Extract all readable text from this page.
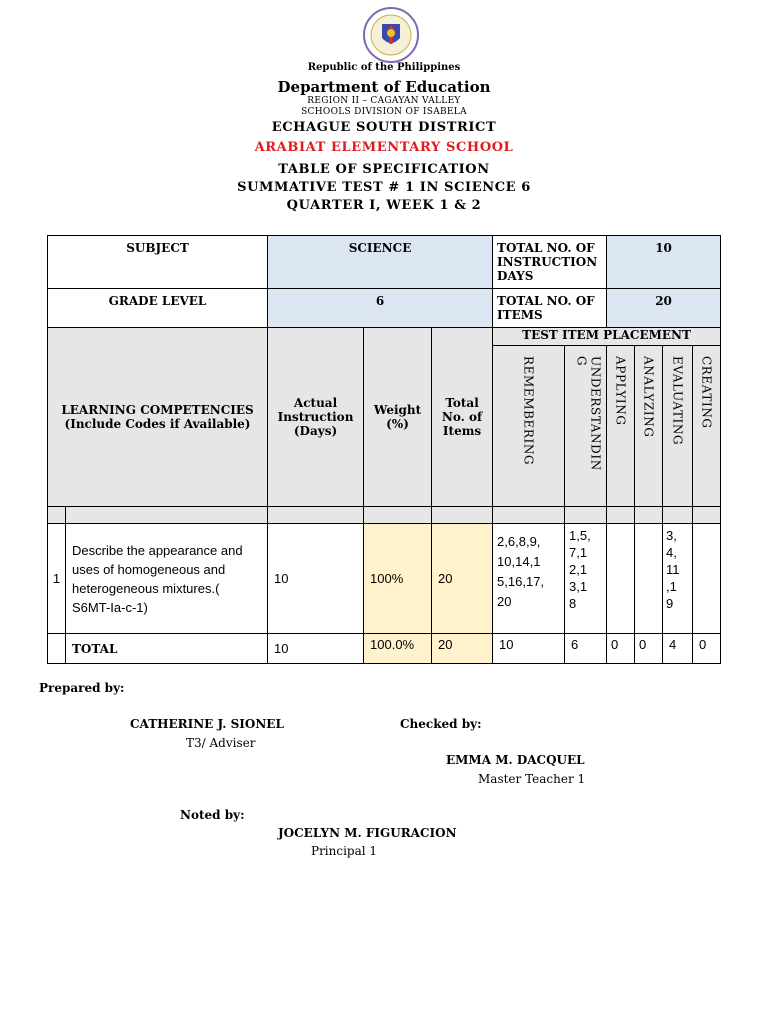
Republic of the Philippines
Department of Education
REGION II – CAGAYAN VALLEY
SCHOOLS DIVISION OF ISABELA
ECHAGUE SOUTH DISTRICT
ARABIAT ELEMENTARY SCHOOL
TABLE OF SPECIFICATION
SUMMATIVE TEST # 1 IN SCIENCE 6
QUARTER I, WEEK 1 & 2
SUBJECT		SCIENCE			TOTAL NO. OF INSTRUCTION DAYS		10			
GRADE LEVEL		6			TOTAL NO. OF ITEMS		20			
LEARNING COMPETENCIES (Include Codes if Available)		Actual Instruction (Days)	Weight (%)	Total No. of Items	TEST ITEM PLACEMENT					

					REMEMBERING	UNDERSTANDIN G	APPLYING	ANALYZING	EVALUATING	CREATING

1	Describe the appearance and uses of homogeneous and heterogeneous mixtures.( S6MT-Ia-c-1)	10	100%	20	2,6,8,9, 10,14,1 5,16,17, 20	1,5, 7,1 2,1 3,1 8			3, 4, 11 ,1 9	
	TOTAL	10	100.0%	20	10	6	0	0	4	0
Prepared by:
CATHERINE J. SIONEL
T3/ Adviser
Checked by:
EMMA M. DACQUEL
Master Teacher 1
Noted by:
JOCELYN M. FIGURACION
Principal 1
